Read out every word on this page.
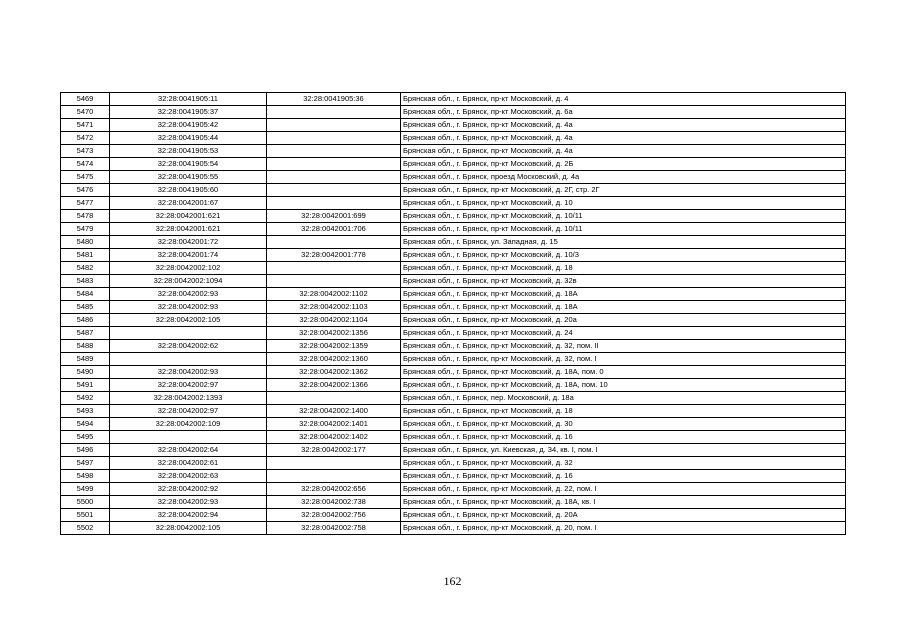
5469	32:28:0041905:11	32:28:0041905:36	Брянская обл., г. Брянск, пр-кт Московский, д. 4
5470	32:28:0041905:37		Брянская обл., г. Брянск, пр-кт Московский, д. 6а
5471	32:28:0041905:42		Брянская обл., г. Брянск, пр-кт Московский, д. 4а
5472	32:28:0041905:44		Брянская обл., г. Брянск, пр-кт Московский, д. 4а
5473	32:28:0041905:53		Брянская обл., г. Брянск, пр-кт Московский, д. 4а
5474	32:28:0041905:54		Брянская обл., г. Брянск, пр-кт Московский, д. 2Б
5475	32:28:0041905:55		Брянская обл., г. Брянск, проезд Московский, д. 4а
5476	32:28:0041905:60		Брянская обл., г. Брянск, пр-кт Московский, д. 2Г, стр. 2Г
5477	32:28:0042001:67		Брянская обл., г. Брянск, пр-кт Московский, д. 10
5478	32:28:0042001:621	32:28:0042001:699	Брянская обл., г. Брянск, пр-кт Московский, д. 10/11
5479	32:28:0042001:621	32:28:0042001:706	Брянская обл., г. Брянск, пр-кт Московский, д. 10/11
5480	32:28:0042001:72		Брянская обл., г. Брянск, ул. Западная, д. 15
5481	32:28:0042001:74	32:28:0042001:778	Брянская обл., г. Брянск, пр-кт Московский, д. 10/3
5482	32:28:0042002:102		Брянская обл., г. Брянск, пр-кт Московский, д. 18
5483	32:28:0042002:1094		Брянская обл., г. Брянск, пр-кт Московский, д. 32в
5484	32:28:0042002:93	32:28:0042002:1102	Брянская обл., г. Брянск, пр-кт Московский, д. 18А
5485	32:28:0042002:93	32:28:0042002:1103	Брянская обл., г. Брянск, пр-кт Московский, д. 18А
5486	32:28:0042002:105	32:28:0042002:1104	Брянская обл., г. Брянск, пр-кт Московский, д. 20а
5487		32:28:0042002:1356	Брянская обл., г. Брянск, пр-кт Московский, д. 24
5488	32:28:0042002:62	32:28:0042002:1359	Брянская обл., г. Брянск, пр-кт Московский, д. 32, пом. II
5489		32:28:0042002:1360	Брянская обл., г. Брянск, пр-кт Московский, д. 32, пом. I
5490	32:28:0042002:93	32:28:0042002:1362	Брянская обл., г. Брянск, пр-кт Московский, д. 18А, пом. 0
5491	32:28:0042002:97	32:28:0042002:1366	Брянская обл., г. Брянск, пр-кт Московский, д. 18А, пом. 10
5492	32:28:0042002:1393		Брянская обл., г. Брянск, пер. Московский, д. 18а
5493	32:28:0042002:97	32:28:0042002:1400	Брянская обл., г. Брянск, пр-кт Московский, д. 18
5494	32:28:0042002:109	32:28:0042002:1401	Брянская обл., г. Брянск, пр-кт Московский, д. 30
5495		32:28:0042002:1402	Брянская обл., г. Брянск, пр-кт Московский, д. 16
5496	32:28:0042002:64	32:28:0042002:177	Брянская обл., г. Брянск, ул. Киевская, д. 34, кв. I, пом. I
5497	32:28:0042002:61		Брянская обл., г. Брянск, пр-кт Московский, д. 32
5498	32:28:0042002:63		Брянская обл., г. Брянск, пр-кт Московский, д. 16
5499	32:28:0042002:92	32:28:0042002:656	Брянская обл., г. Брянск, пр-кт Московский, д. 22, пом. I
5500	32:28:0042002:93	32:28:0042002:738	Брянская обл., г. Брянск, пр-кт Московский, д. 18А, кв. I
5501	32:28:0042002:94	32:28:0042002:756	Брянская обл., г. Брянск, пр-кт Московский, д. 20А
5502	32:28:0042002:105	32:28:0042002:758	Брянская обл., г. Брянск, пр-кт Московский, д. 20, пом. I
162
